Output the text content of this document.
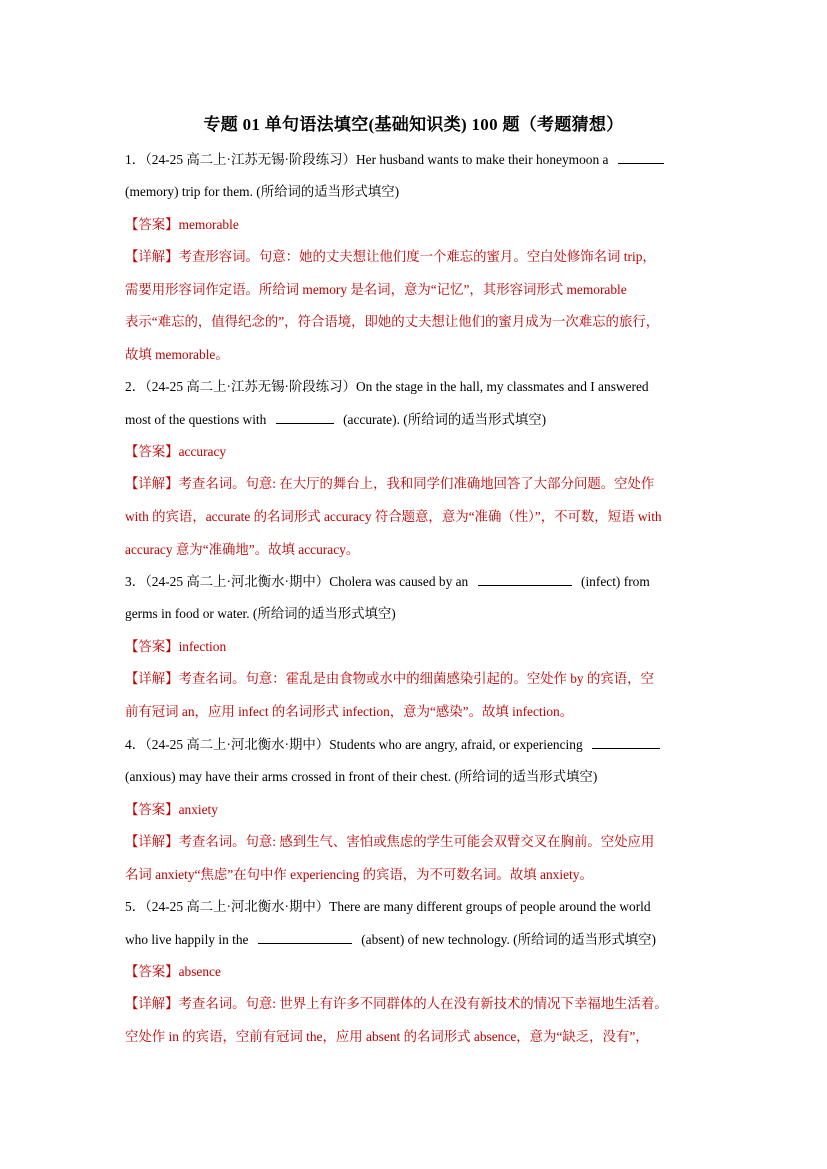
专题 01 单句语法填空(基础知识类) 100 题（考题猜想）
1．（24-25 高二上·江苏无锡·阶段练习）Her husband wants to make their honeymoon a
(memory) trip for them. (所给词的适当形式填空)
【答案】memorable
【详解】考查形容词。句意：她的丈夫想让他们度一个难忘的蜜月。空白处修饰名词 trip，
需要用形容词作定语。所给词 memory 是名词，意为“记忆”，其形容词形式 memorable
表示“难忘的，值得纪念的”，符合语境，即她的丈夫想让他们的蜜月成为一次难忘的旅行，
故填 memorable。
2．（24-25 高二上·江苏无锡·阶段练习）On the stage in the hall, my classmates and I answered
most of the questions with	(accurate). (所给词的适当形式填空)
【答案】accuracy
【详解】考查名词。句意: 在大厅的舞台上，我和同学们准确地回答了大部分问题。空处作
with 的宾语，accurate 的名词形式 accuracy 符合题意，意为“准确（性）”，不可数，短语 with
accuracy 意为“准确地”。故填 accuracy。
3．（24-25 高二上·河北衡水·期中）Cholera was caused by an	(infect) from
germs in food or water. (所给词的适当形式填空)
【答案】infection
【详解】考查名词。句意：霍乱是由食物或水中的细菌感染引起的。空处作 by 的宾语，空
前有冠词 an，应用 infect 的名词形式 infection，意为“感染”。故填 infection。
4．（24-25 高二上·河北衡水·期中）Students who are angry, afraid, or experiencing
(anxious) may have their arms crossed in front of their chest. (所给词的适当形式填空)
【答案】anxiety
【详解】考查名词。句意: 感到生气、害怕或焦虑的学生可能会双臂交叉在胸前。空处应用
名词 anxiety“焦虑”在句中作 experiencing 的宾语，为不可数名词。故填 anxiety。
5．（24-25 高二上·河北衡水·期中）There are many different groups of people around the world
who live happily in the	(absent) of new technology. (所给词的适当形式填空)
【答案】absence
【详解】考查名词。句意: 世界上有许多不同群体的人在没有新技术的情况下幸福地生活着。
空处作 in 的宾语，空前有冠词 the，应用 absent 的名词形式 absence，意为“缺乏，没有”，
